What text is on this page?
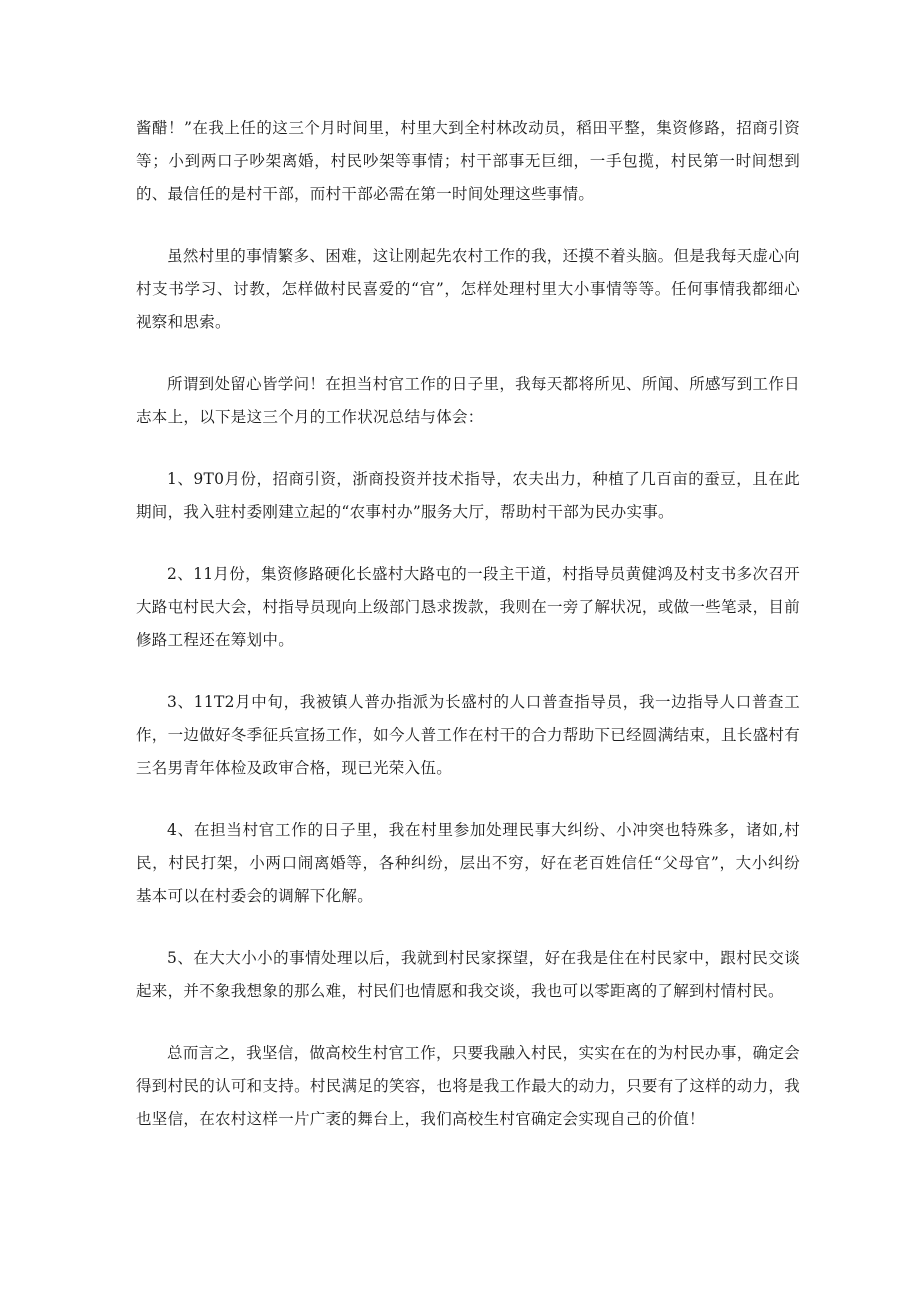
酱醋！”在我上任的这三个月时间里，村里大到全村林改动员，稻田平整，集资修路，招商引资等；小到两口子吵架离婚，村民吵架等事情；村干部事无巨细，一手包揽，村民第一时间想到的、最信任的是村干部，而村干部必需在第一时间处理这些事情。

虽然村里的事情繁多、困难，这让刚起先农村工作的我，还摸不着头脑。但是我每天虚心向村支书学习、讨教，怎样做村民喜爱的“官”，怎样处理村里大小事情等等。任何事情我都细心视察和思索。

所谓到处留心皆学问！在担当村官工作的日子里，我每天都将所见、所闻、所感写到工作日志本上，以下是这三个月的工作状况总结与体会：

1、9T0月份，招商引资，浙商投资并技术指导，农夫出力，种植了几百亩的蚕豆，且在此期间，我入驻村委刚建立起的“农事村办”服务大厅，帮助村干部为民办实事。

2、11月份，集资修路硬化长盛村大路屯的一段主干道，村指导员黄健鸿及村支书多次召开大路屯村民大会，村指导员现向上级部门恳求拨款，我则在一旁了解状况，或做一些笔录，目前修路工程还在筹划中。

3、11T2月中旬，我被镇人普办指派为长盛村的人口普查指导员，我一边指导人口普查工作，一边做好冬季征兵宣扬工作，如今人普工作在村干的合力帮助下已经圆满结束，且长盛村有三名男青年体检及政审合格，现已光荣入伍。

4、在担当村官工作的日子里，我在村里参加处理民事大纠纷、小冲突也特殊多，诸如,村民，村民打架，小两口闹离婚等，各种纠纷，层出不穷，好在老百姓信任“父母官”，大小纠纷基本可以在村委会的调解下化解。

5、在大大小小的事情处理以后，我就到村民家探望，好在我是住在村民家中，跟村民交谈起来，并不象我想象的那么难，村民们也情愿和我交谈，我也可以零距离的了解到村情村民。

总而言之，我坚信，做高校生村官工作，只要我融入村民，实实在在的为村民办事，确定会得到村民的认可和支持。村民满足的笑容，也将是我工作最大的动力，只要有了这样的动力，我也坚信，在农村这样一片广袤的舞台上，我们高校生村官确定会实现自己的价值！
